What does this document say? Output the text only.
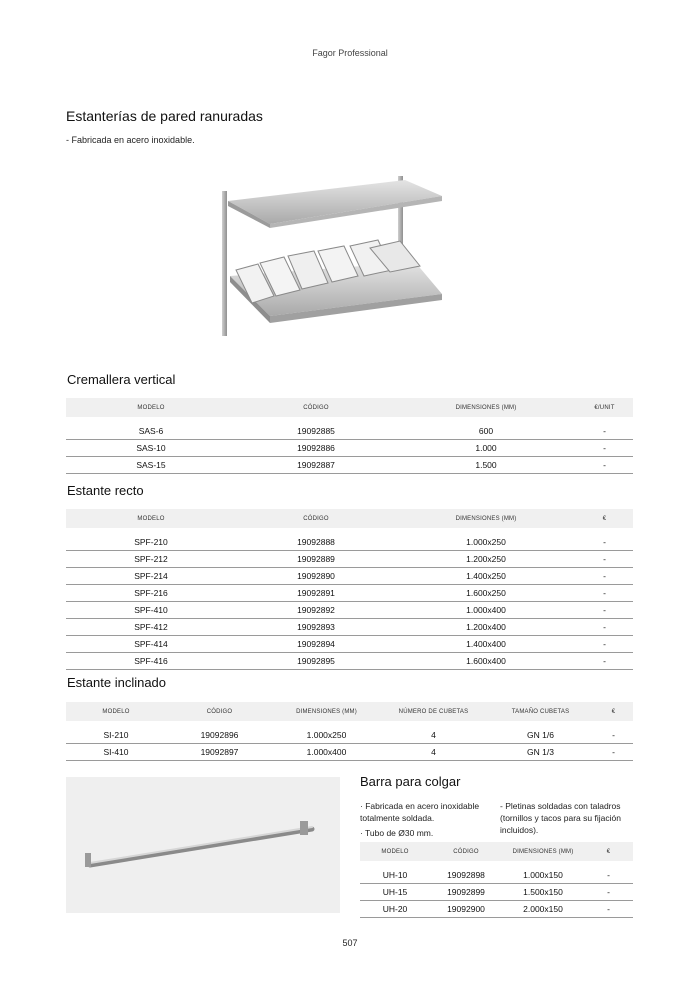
Fagor Professional
Estanterías de pared ranuradas
- Fabricada en acero inoxidable.
Cremallera vertical
MODELO	CÓDIGO	DIMENSIONES (MM)	€/UNIT

SAS-6	19092885	600	-
SAS-10	19092886	1.000	-
SAS-15	19092887	1.500	-
Estante recto
MODELO	CÓDIGO	DIMENSIONES (MM)	€

SPF-210	19092888	1.000x250	-
SPF-212	19092889	1.200x250	-
SPF-214	19092890	1.400x250	-
SPF-216	19092891	1.600x250	-
SPF-410	19092892	1.000x400	-
SPF-412	19092893	1.200x400	-
SPF-414	19092894	1.400x400	-
SPF-416	19092895	1.600x400	-
Estante inclinado
MODELO	CÓDIGO	DIMENSIONES (MM)	NÚMERO DE CUBETAS	TAMAÑO CUBETAS	€

SI-210	19092896	1.000x250	4	GN 1/6	-
SI-410	19092897	1.000x400	4	GN 1/3	-
Barra para colgar

· Fabricada en acero inoxidable totalmente soldada.

· Tubo de Ø30 mm.

- Pletinas soldadas con taladros (tornillos y tacos para su fijación incluidos).

MODELO	CÓDIGO	DIMENSIONES (MM)	€

UH-10	19092898	1.000x150	-
UH-15	19092899	1.500x150	-
UH-20	19092900	2.000x150	-
507
